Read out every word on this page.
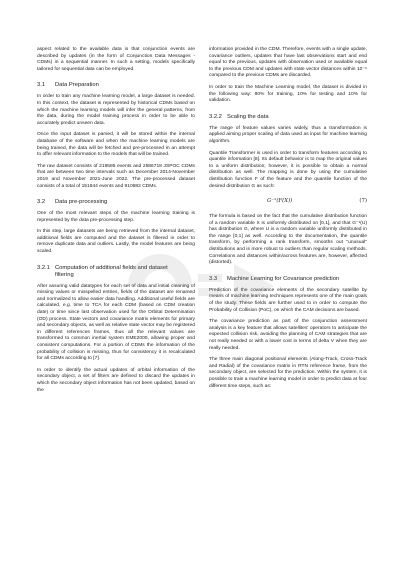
aspect related to the available data is that conjunction events are described by updates (in the form of Conjunction Data Messages - CDMs) in a sequential manner. In such a setting, models specifically tailored for sequential data can be employed.

3.1 Data Preparation

In order to train any machine learning model, a large dataset is needed. In this context, the dataset is represented by historical CDMs based on which the machine learning models will infer the general patterns, from the data, during the model training process in order to be able to accurately predict unseen data.

Once the input dataset is parsed, it will be stored within the internal database of the software and when the machine learning models are being trained, the data will be fetched and pre-processed in an attempt to offer relevant information to the models that will be trained.

The raw dataset consists of 219585 events and 2586718 JSPOC CDMs that are between two time intervals such as December 2014-November 2019 and November 2021-June 2022. The pre-processed dataset consists of a total of 151844 events and 910882 CDMs.

3.2 Data pre-processing

One of the most relevant steps of the machine learning training is represented by the data pre-processing step.

In this step, large datasets are being retrieved from the internal dataset, additional fields are computed and the dataset is filtered in order to remove duplicate data and outliers. Lastly, the model features are being scaled.

3.2.1 Computation of additional fields and dataset filtering

After assuring valid datatypes for each set of data and initial cleaning of missing values or misspelled entries, fields of the dataset are renamed and normalized to allow easier data handling. Additional useful fields are calculated, e.g. time to TCA for each CDM (based on CDM creation date) or time since last observation used for the Orbital Determination (OD) process. State vectors and covariance matrix elements for primary and secondary objects, as well as relative state vector may be registered in different references frames, thus all the relevant values are transformed to common inertial system EME2000, allowing proper and consistent computations. For a portion of CDMs the information of the probability of collision is missing, thus for consistency it is recalculated for all CDMs according to [7].

In order to identify the actual updates of orbital information of the secondary object, a set of filters are defined to discard the updates in which the secondary object information has not been updated, based on the

information provided in the CDM. Therefore, events with a single update, covariance outliers, updates that have last observations start and end equal to the previous, updates with observation used or available equal to the previous CDM and updates with state vector distances within 10⁻⁶ compared to the previous CDMs are discarded.

In order to train the Machine Learning model, the dataset is divided in the following way: 80% for training, 10% for testing and 10% for validation.

3.2.2 Scaling the data

The range of feature values varies widely, thus a transformation is applied aiming proper scaling of data used as input for machine learning algorithm.

Quantile Transformer is used in order to transform features according to quantile information [8]. Its default behavior is to map the original values to a uniform distribution; however, it is possible to obtain a normal distribution as well. The mapping is done by using the cumulative distribution function F of the feature and the quantile function of the desired distribution G as such:

G⁻¹(F(X))	(7)

The formula is based on the fact that the cumulative distribution function of a random variable X is uniformly distributed on [0,1], and that G⁻¹(U) has distribution G, where U is a random variable uniformly distributed in the range [0,1] as well. According to the documentation, the quantile transform, by performing a rank transform, smooths out "unusual" distributions and is more robust to outliers than regular scaling methods. Correlations and distances within/across features are, however, affected (distorted).

3.3 Machine Learning for Covariance prediction

Prediction of the covariance elements of the secondary satellite by means of machine learning techniques represents one of the main goals of the study. These fields are further used to in order to compute the Probability of Collision (PoC), on which the CAM decisions are based.

The covariance prediction as part of the conjunction assessment analysis is a key feature that allows satellites' operators to anticipate the expected collision risk, avoiding the planning of CAM strategies that are not really needed or with a lower cost in terms of delta V when they are really needed.

The three main diagonal positional elements (Along-Track, Cross-Track and Radial) of the covariance matrix in RTN reference frame, from the secondary object, are selected for the prediction. Within the system, it is possible to train a machine learning model in order to predict data at four different time steps, such as:
